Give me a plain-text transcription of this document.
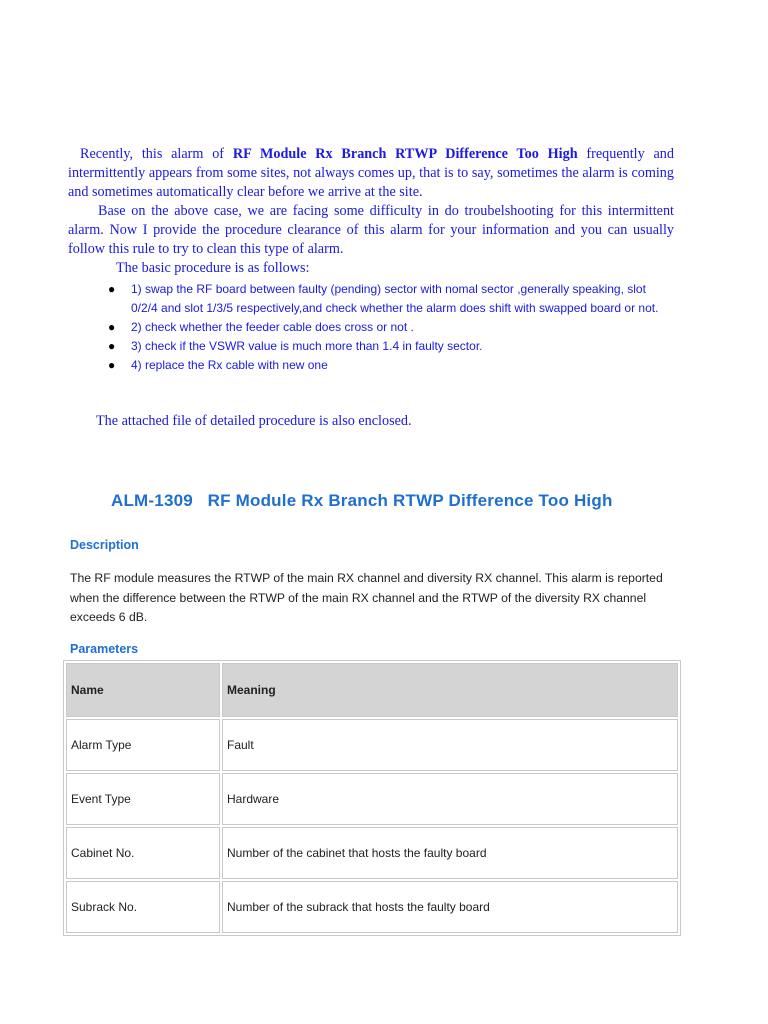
Recently, this alarm of RF Module Rx Branch RTWP Difference Too High frequently and intermittently appears from some sites, not always comes up, that is to say, sometimes the alarm is coming and sometimes automatically clear before we arrive at the site.

Base on the above case, we are facing some difficulty in do troubelshooting for this intermittent alarm. Now I provide the procedure clearance of this alarm for your information and you can usually follow this rule to try to clean this type of alarm.

The basic procedure is as follows:

● 1) swap the RF board between faulty (pending) sector with nomal sector ,generally speaking, slot 0/2/4 and slot 1/3/5 respectively,and check whether the alarm does shift with swapped board or not.
● 2) check whether the feeder cable does cross or not .
● 3) check if the VSWR value is much more than 1.4 in faulty sector.
● 4) replace the Rx cable with new one
The attached file of detailed procedure is also enclosed.
ALM-1309   RF Module Rx Branch RTWP Difference Too High
Description

The RF module measures the RTWP of the main RX channel and diversity RX channel. This alarm is reported when the difference between the RTWP of the main RX channel and the RTWP of the diversity RX channel exceeds 6 dB.

Parameters
Name	Meaning
Alarm Type	Fault
Event Type	Hardware
Cabinet No.	Number of the cabinet that hosts the faulty board
Subrack No.	Number of the subrack that hosts the faulty board
